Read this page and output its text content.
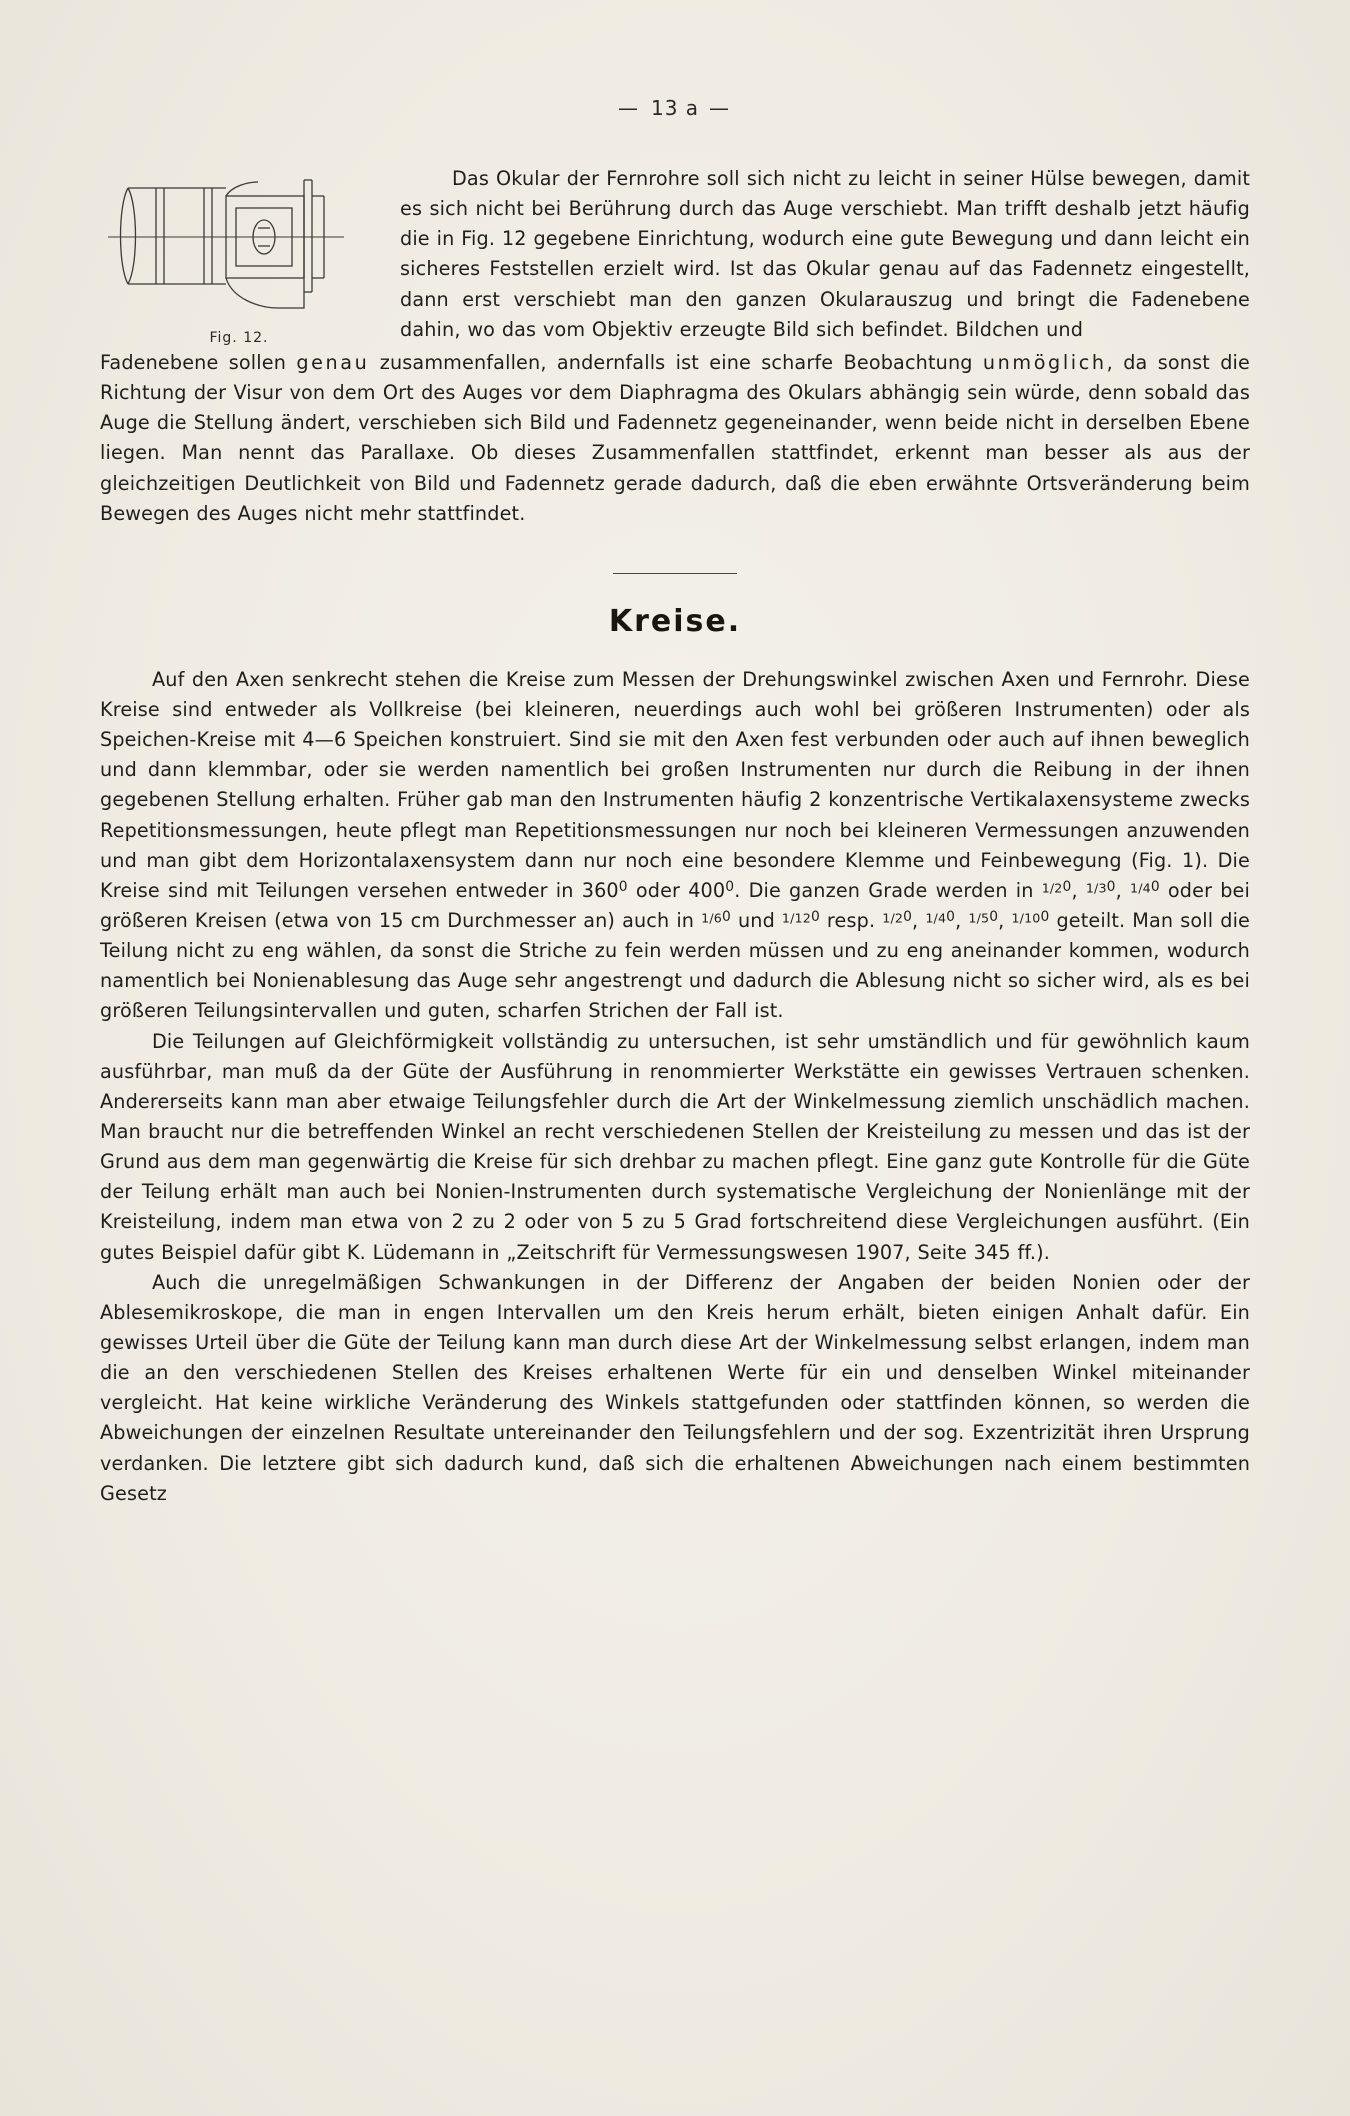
— 13 a —
Fig. 12.

Das Okular der Fernrohre soll sich nicht zu leicht in seiner Hülse bewegen, damit es sich nicht bei Berührung durch das Auge verschiebt. Man trifft deshalb jetzt häufig die in Fig. 12 gegebene Einrichtung, wodurch eine gute Bewegung und dann leicht ein sicheres Feststellen erzielt wird. Ist das Okular genau auf das Fadennetz eingestellt, dann erst verschiebt man den ganzen Okularauszug und bringt die Fadenebene dahin, wo das vom Objektiv erzeugte Bild sich befindet. Bildchen und

Fadenebene sollen genau zusammenfallen, andernfalls ist eine scharfe Beobachtung unmöglich, da sonst die Richtung der Visur von dem Ort des Auges vor dem Diaphragma des Okulars abhängig sein würde, denn sobald das Auge die Stellung ändert, verschieben sich Bild und Fadennetz gegeneinander, wenn beide nicht in derselben Ebene liegen. Man nennt das Parallaxe. Ob dieses Zusammenfallen stattfindet, erkennt man besser als aus der gleichzeitigen Deutlichkeit von Bild und Fadennetz gerade dadurch, daß die eben erwähnte Ortsveränderung beim Bewegen des Auges nicht mehr stattfindet.

Kreise.

Auf den Axen senkrecht stehen die Kreise zum Messen der Drehungswinkel zwischen Axen und Fernrohr. Diese Kreise sind entweder als Vollkreise (bei kleineren, neuerdings auch wohl bei größeren Instrumenten) oder als Speichen-Kreise mit 4—6 Speichen konstruiert. Sind sie mit den Axen fest verbunden oder auch auf ihnen beweglich und dann klemmbar, oder sie werden namentlich bei großen Instrumenten nur durch die Reibung in der ihnen gegebenen Stellung erhalten. Früher gab man den Instrumenten häufig 2 konzentrische Vertikalaxensysteme zwecks Repetitionsmessungen, heute pflegt man Repetitionsmessungen nur noch bei kleineren Vermessungen anzuwenden und man gibt dem Horizontalaxensystem dann nur noch eine besondere Klemme und Feinbewegung (Fig. 1). Die Kreise sind mit Teilungen versehen entweder in $360^0$ oder $400^0$. Die ganzen Grade werden in $^{1/20}$, $^{1/30}$, $^{1/40}$ oder bei größeren Kreisen (etwa von 15 cm Durchmesser an) auch in $^{1/60}$ und $^{1/120}$ resp. $^{1/20}$, $^{1/40}$, $^{1/50}$, $^{1/100}$ geteilt. Man soll die Teilung nicht zu eng wählen, da sonst die Striche zu fein werden müssen und zu eng aneinander kommen, wodurch namentlich bei Nonienablesung das Auge sehr angestrengt und dadurch die Ablesung nicht so sicher wird, als es bei größeren Teilungsintervallen und guten, scharfen Strichen der Fall ist.

Die Teilungen auf Gleichförmigkeit vollständig zu untersuchen, ist sehr umständlich und für gewöhnlich kaum ausführbar, man muß da der Güte der Ausführung in renommierter Werkstätte ein gewisses Vertrauen schenken. Andererseits kann man aber etwaige Teilungsfehler durch die Art der Winkelmessung ziemlich unschädlich machen. Man braucht nur die betreffenden Winkel an recht verschiedenen Stellen der Kreisteilung zu messen und das ist der Grund aus dem man gegenwärtig die Kreise für sich drehbar zu machen pflegt. Eine ganz gute Kontrolle für die Güte der Teilung erhält man auch bei Nonien-Instrumenten durch systematische Vergleichung der Nonienlänge mit der Kreisteilung, indem man etwa von 2 zu 2 oder von 5 zu 5 Grad fortschreitend diese Vergleichungen ausführt. (Ein gutes Beispiel dafür gibt K. Lüdemann in „Zeitschrift für Vermessungswesen 1907, Seite 345 ff.).

Auch die unregelmäßigen Schwankungen in der Differenz der Angaben der beiden Nonien oder der Ablesemikroskope, die man in engen Intervallen um den Kreis herum erhält, bieten einigen Anhalt dafür. Ein gewisses Urteil über die Güte der Teilung kann man durch diese Art der Winkelmessung selbst erlangen, indem man die an den verschiedenen Stellen des Kreises erhaltenen Werte für ein und denselben Winkel miteinander vergleicht. Hat keine wirkliche Veränderung des Winkels stattgefunden oder stattfinden können, so werden die Abweichungen der einzelnen Resultate untereinander den Teilungsfehlern und der sog. Exzentrizität ihren Ursprung verdanken. Die letztere gibt sich dadurch kund, daß sich die erhaltenen Abweichungen nach einem bestimmten Gesetz
